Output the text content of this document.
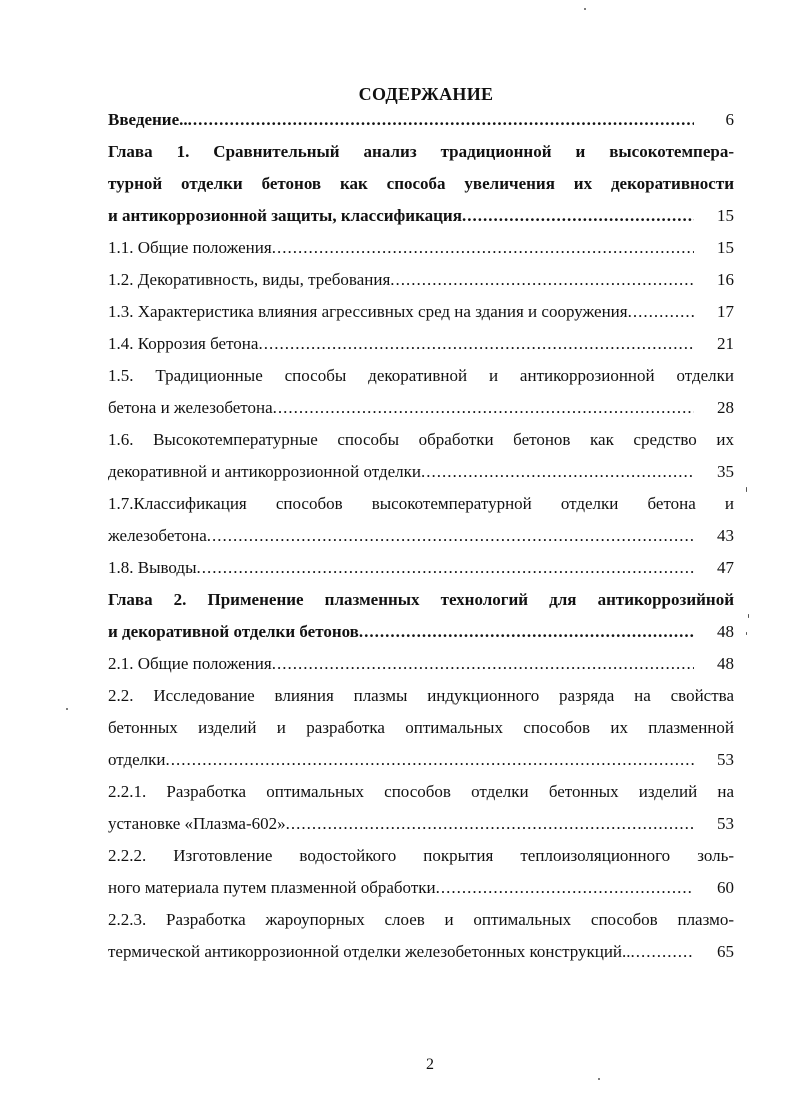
СОДЕРЖАНИЕ
Введение.. .....	6
Глава 1. Сравнительный анализ традиционной и высокотемпера-
турной отделки бетонов как способа увеличения их декоративности
и антикоррозионной защиты, классификация .....	15
1.1. Общие положения .....	15
1.2. Декоративность, виды, требования .....	16
1.3. Характеристика влияния агрессивных сред на здания и сооружения .....	17
1.4. Коррозия бетона .....	21
1.5. Традиционные способы декоративной и антикоррозионной отделки
бетона и железобетона .....	28
1.6. Высокотемпературные способы обработки бетонов как средство их
декоративной и антикоррозионной отделки .....	35
1.7.Классификация способов высокотемпературной отделки бетона и
железобетона .....	43
1.8. Выводы .....	47
Глава 2. Применение плазменных технологий для антикоррозийной
и декоративной отделки бетонов .....	48
2.1. Общие положения .....	48
2.2. Исследование влияния плазмы индукционного разряда на свойства
бетонных изделий и разработка оптимальных способов их плазменной
отделки .....	53
2.2.1. Разработка оптимальных способов отделки бетонных изделий на
установке «Плазма-602» .....	53
2.2.2. Изготовление водостойкого покрытия теплоизоляционного золь-
ного материала путем плазменной обработки .....	60
2.2.3. Разработка жароупорных слоев и оптимальных способов плазмо-
термической антикоррозионной отделки железобетонных конструкций.. .....	65
2
